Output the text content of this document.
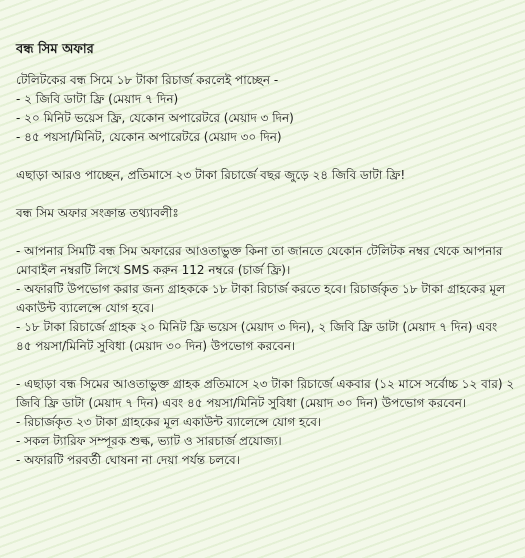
বন্ধ সিম অফার
টেলিটকের বন্ধ সিমে ১৮ টাকা রিচার্জ করলেই পাচ্ছেন -
- ২ জিবি ডাটা ফ্রি (মেয়াদ ৭ দিন)
- ২০ মিনিট ভয়েস ফ্রি, যেকোন অপারেটরে (মেয়াদ ৩ দিন)
- ৪৫ পয়সা/মিনিট, যেকোন অপারেটরে (মেয়াদ ৩০ দিন)
এছাড়া আরও পাচ্ছেন, প্রতিমাসে ২৩ টাকা রিচার্জে বছর জুড়ে ২৪ জিবি ডাটা ফ্রি!
বন্ধ সিম অফার সংক্রান্ত তথ্যাবলীঃ
- আপনার সিমটি বন্ধ সিম অফারের আওতাভুক্ত কিনা তা জানতে যেকোন টেলিটক নম্বর থেকে আপনার মোবাইল নম্বরটি লিখে SMS করুন 112 নম্বরে (চার্জ ফ্রি)।
- অফারটি উপভোগ করার জন্য গ্রাহককে ১৮ টাকা রিচার্জ করতে হবে। রিচার্জকৃত ১৮ টাকা গ্রাহকের মূল একাউন্ট ব্যালেন্সে যোগ হবে।
- ১৮ টাকা রিচার্জে গ্রাহক ২০ মিনিট ফ্রি ভয়েস (মেয়াদ ৩ দিন), ২ জিবি ফ্রি ডাটা (মেয়াদ ৭ দিন) এবং ৪৫ পয়সা/মিনিট সুবিধা (মেয়াদ ৩০ দিন) উপভোগ করবেন।
- এছাড়া বন্ধ সিমের আওতাভুক্ত গ্রাহক প্রতিমাসে ২৩ টাকা রিচার্জে একবার (১২ মাসে সর্বোচ্চ ১২ বার) ২ জিবি ফ্রি ডাটা (মেয়াদ ৭ দিন) এবং ৪৫ পয়সা/মিনিট সুবিধা (মেয়াদ ৩০ দিন) উপভোগ করবেন।
- রিচার্জকৃত ২৩ টাকা গ্রাহকের মূল একাউন্ট ব্যালেন্সে যোগ হবে।
- সকল ট্যারিফ সম্পূরক শুল্ক, ভ্যাট ও সারচার্জ প্রযোজ্য।
- অফারটি পরবর্তী ঘোষনা না দেয়া পর্যন্ত চলবে।
